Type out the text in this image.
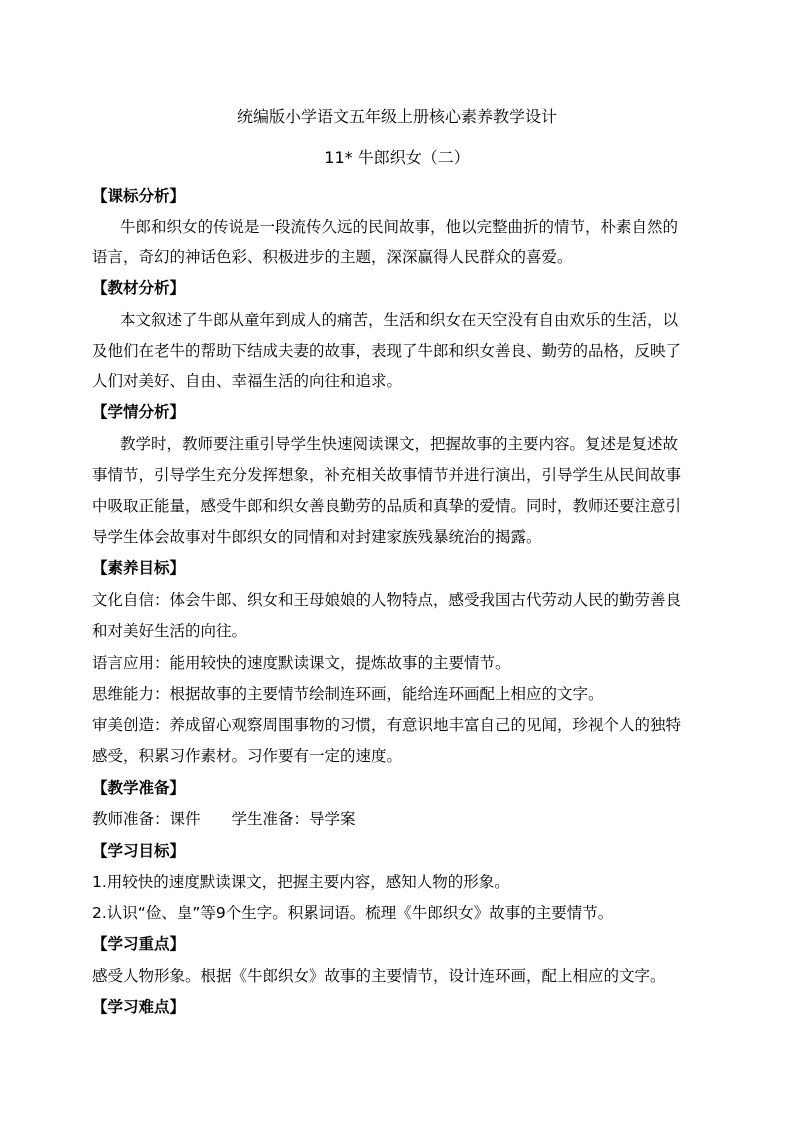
统编版小学语文五年级上册核心素养教学设计
11* 牛郎织女（二）
【课标分析】
牛郎和织女的传说是一段流传久远的民间故事，他以完整曲折的情节，朴素自然的
语言，奇幻的神话色彩、积极进步的主题，深深赢得人民群众的喜爱。
【教材分析】
本文叙述了牛郎从童年到成人的痛苦，生活和织女在天空没有自由欢乐的生活，以
及他们在老牛的帮助下结成夫妻的故事，表现了牛郎和织女善良、勤劳的品格，反映了
人们对美好、自由、幸福生活的向往和追求。
【学情分析】
教学时，教师要注重引导学生快速阅读课文，把握故事的主要内容。复述是复述故
事情节，引导学生充分发挥想象，补充相关故事情节并进行演出，引导学生从民间故事
中吸取正能量，感受牛郎和织女善良勤劳的品质和真挚的爱情。同时，教师还要注意引
导学生体会故事对牛郎织女的同情和对封建家族残暴统治的揭露。
【素养目标】
文化自信：体会牛郎、织女和王母娘娘的人物特点，感受我国古代劳动人民的勤劳善良
和对美好生活的向往。
语言应用：能用较快的速度默读课文，提炼故事的主要情节。
思维能力：根据故事的主要情节绘制连环画，能给连环画配上相应的文字。
审美创造：养成留心观察周围事物的习惯，有意识地丰富自己的见闻，珍视个人的独特
感受，积累习作素材。习作要有一定的速度。
【教学准备】
教师准备：课件　　学生准备：导学案
【学习目标】
1.用较快的速度默读课文，把握主要内容，感知人物的形象。
2.认识“俭、皇”等9个生字。积累词语。梳理《牛郎织女》故事的主要情节。
【学习重点】
感受人物形象。根据《牛郎织女》故事的主要情节，设计连环画，配上相应的文字。
【学习难点】
